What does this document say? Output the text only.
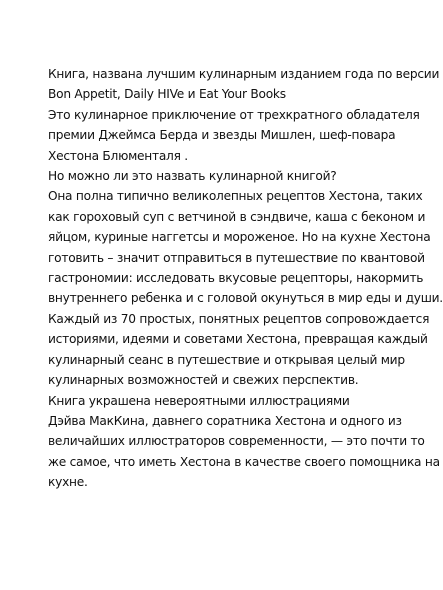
Книга, названа лучшим кулинарным изданием года по версии
Bon Appetit, Daily HIVe и Eat Your Books
Это кулинарное приключение от трехкратного обладателя
премии Джеймса Берда и звезды Мишлен, шеф-повара
Хестона Блюменталя .
Но можно ли это назвать кулинарной книгой?
Она полна типично великолепных рецептов Хестона, таких
как гороховый суп с ветчиной в сэндвиче, каша с беконом и
яйцом, куриные наггетсы и мороженое. Но на кухне Хестона
готовить – значит отправиться в путешествие по квантовой
гастрономии: исследовать вкусовые рецепторы, накормить
внутреннего ребенка и с головой окунуться в мир еды и души.
Каждый из 70 простых, понятных рецептов сопровождается
историями, идеями и советами Хестона, превращая каждый
кулинарный сеанс в путешествие и открывая целый мир
кулинарных возможностей и свежих перспектив.
Книга украшена невероятными иллюстрациями
Дэйва МакКина, давнего соратника Хестона и одного из
величайших иллюстраторов современности, — это почти то
же самое, что иметь Хестона в качестве своего помощника на
кухне.
